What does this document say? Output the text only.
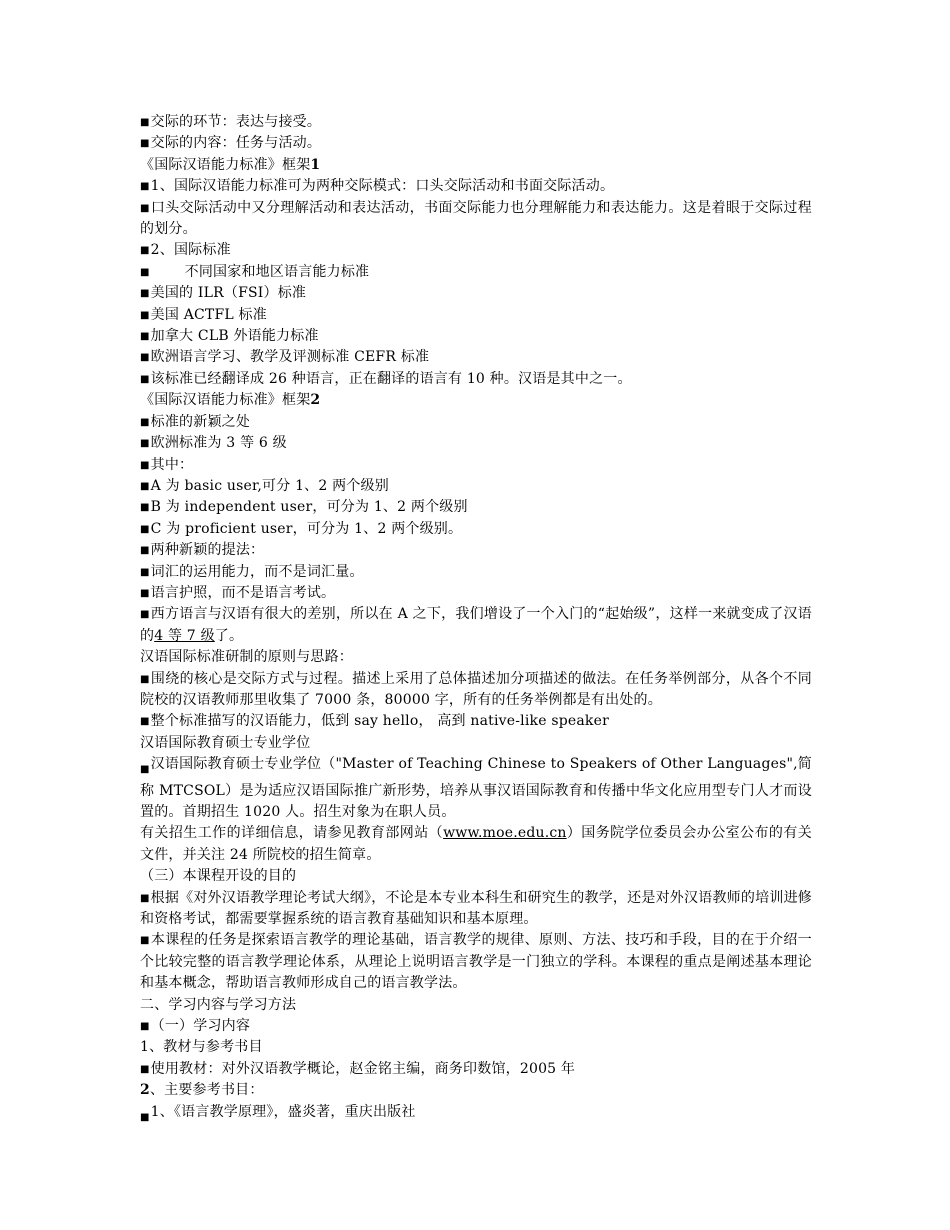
■交际的环节：表达与接受。
■交际的内容：任务与活动。
《国际汉语能力标准》框架1
■1、国际汉语能力标准可为两种交际模式：口头交际活动和书面交际活动。
■口头交际活动中又分理解活动和表达活动，书面交际能力也分理解能力和表达能力。这是着眼于交际过程的划分。
■2、国际标准
■	不同国家和地区语言能力标准
■美国的 ILR（FSI）标准
■美国 ACTFL 标准
■加拿大 CLB 外语能力标准
■欧洲语言学习、教学及评测标准 CEFR 标准
■该标准已经翻译成 26 种语言，正在翻译的语言有 10 种。汉语是其中之一。
《国际汉语能力标准》框架2
■标准的新颖之处
■欧洲标准为 3 等 6 级
■其中：
■A 为 basic user,可分 1、2 两个级别
■B 为 independent user，可分为 1、2 两个级别
■C 为 proficient user，可分为 1、2 两个级别。
■两种新颖的提法：
■词汇的运用能力，而不是词汇量。
■语言护照，而不是语言考试。
■西方语言与汉语有很大的差别，所以在 A 之下，我们增设了一个入门的“起始级”，这样一来就变成了汉语的4 等 7 级了。
汉语国际标准研制的原则与思路：
■围绕的核心是交际方式与过程。描述上采用了总体描述加分项描述的做法。在任务举例部分，从各个不同院校的汉语教师那里收集了 7000 条，80000 字，所有的任务举例都是有出处的。
■整个标准描写的汉语能力，低到 say hello， 高到 native-like speaker
汉语国际教育硕士专业学位
$_■$汉语国际教育硕士专业学位（"Master of Teaching Chinese to Speakers of Other Languages",简称 MTCSOL）是为适应汉语国际推广新形势，培养从事汉语国际教育和传播中华文化应用型专门人才而设置的。首期招生 1020 人。招生对象为在职人员。
有关招生工作的详细信息，请参见教育部网站（www.moe.edu.cn）国务院学位委员会办公室公布的有关文件，并关注 24 所院校的招生简章。
（三）本课程开设的目的
■根据《对外汉语教学理论考试大纲》，不论是本专业本科生和研究生的教学，还是对外汉语教师的培训进修和资格考试，都需要掌握系统的语言教育基础知识和基本原理。
■本课程的任务是探索语言教学的理论基础，语言教学的规律、原则、方法、技巧和手段，目的在于介绍一个比较完整的语言教学理论体系，从理论上说明语言教学是一门独立的学科。本课程的重点是阐述基本理论和基本概念，帮助语言教师形成自己的语言教学法。
二、学习内容与学习方法
■（一）学习内容
1、教材与参考书目
■使用教材：对外汉语教学概论，赵金铭主编，商务印数馆，2005 年
2、主要参考书目：
$_■$1、《语言教学原理》，盛炎著，重庆出版社
